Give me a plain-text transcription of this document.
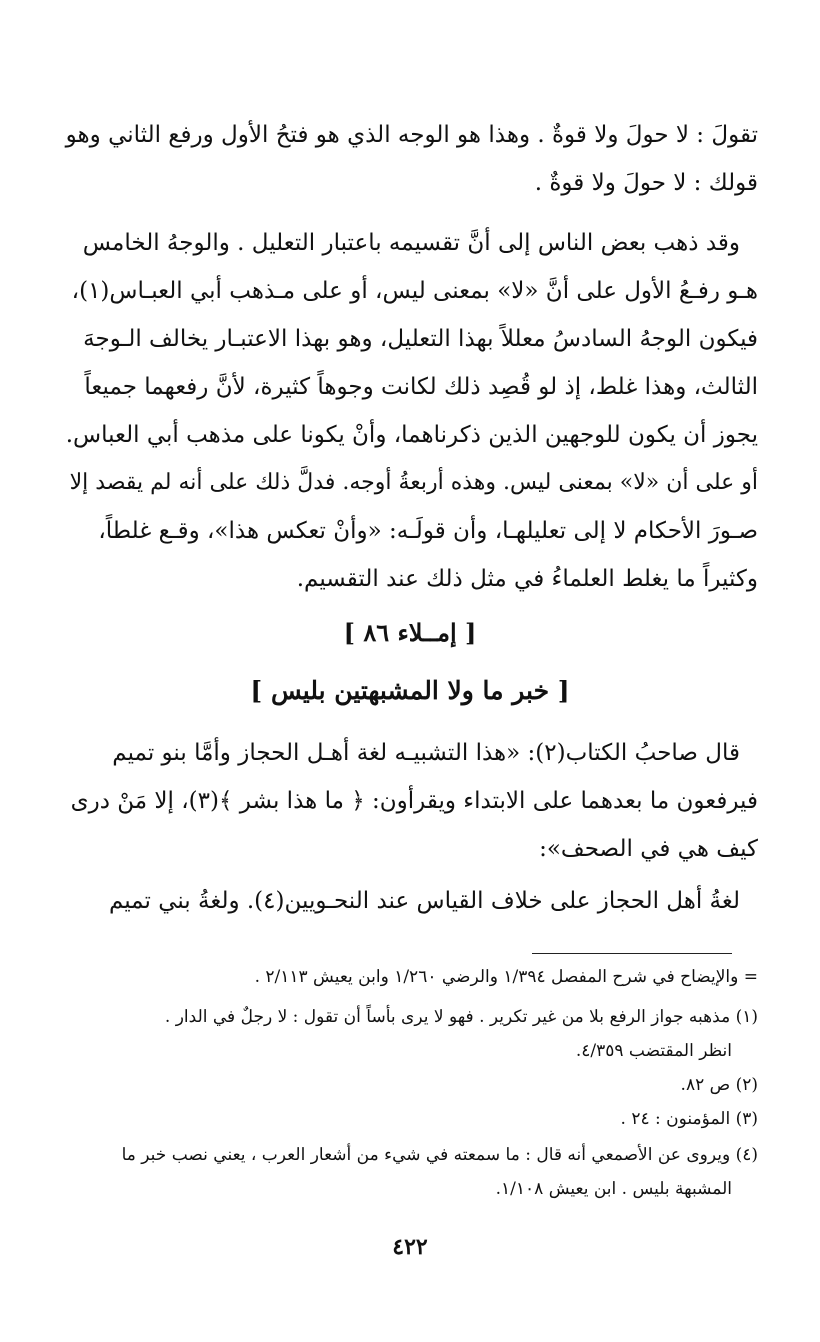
تقولَ : لا حولَ ولا قوةٌ . وهذا هو الوجه الذي هو فتحُ الأول ورفع الثاني وهو
قولك : لا حولَ ولا قوةٌ .
وقد ذهب بعض الناس إلى أنَّ تقسيمه باعتبار التعليل . والوجهُ الخامس
هـو رفـعُ الأول على أنَّ «لا» بمعنى ليس، أو على مـذهب أبي العبـاس(١)،
فيكون الوجهُ السادسُ معللاً بهذا التعليل، وهو بهذا الاعتبـار يخالف الـوجهَ
الثالث، وهذا غلط، إذ لو قُصِد ذلك لكانت وجوهاً كثيرة، لأنَّ رفعهما جميعاً
يجوز أن يكون للوجهين الذين ذكرناهما، وأنْ يكونا على مذهب أبي العباس.
أو على أن «لا» بمعنى ليس. وهذه أربعةُ أوجه. فدلَّ ذلك على أنه لم يقصد إلا
صـورَ الأحكام لا إلى تعليلهـا، وأن قولَـه: «وأنْ تعكس هذا»، وقـع غلطاً،
وكثيراً ما يغلط العلماءُ في مثل ذلك عند التقسيم.
[ إمــلاء ٨٦ ]
[ خبر ما ولا المشبهتين بليس ]
قال صاحبُ الكتاب(٢): «هذا التشبيـه لغة أهـل الحجاز وأمَّا بنو تميم
فيرفعون ما بعدهما على الابتداء ويقرأون: ﴿ ما هذا بشر ﴾(٣)، إلا مَنْ درى
كيف هي في الصحف»:
لغةُ أهل الحجاز على خلاف القياس عند النحـويين(٤). ولغةُ بني تميم
= والإيضاح في شرح المفصل ١/٣٩٤ والرضي ١/٢٦٠ وابن يعيش ٢/١١٣ .
(١) مذهبه جواز الرفع بلا من غير تكرير . فهو لا يرى بأساً أن تقول : لا رجلٌ في الدار .
انظر المقتضب ٤/٣٥٩.
(٢) ص ٨٢.
(٣) المؤمنون : ٢٤ .
(٤) ويروى عن الأصمعي أنه قال : ما سمعته في شيء من أشعار العرب ، يعني نصب خبر ما
المشبهة بليس . ابن يعيش ١/١٠٨.
٤٢٢
